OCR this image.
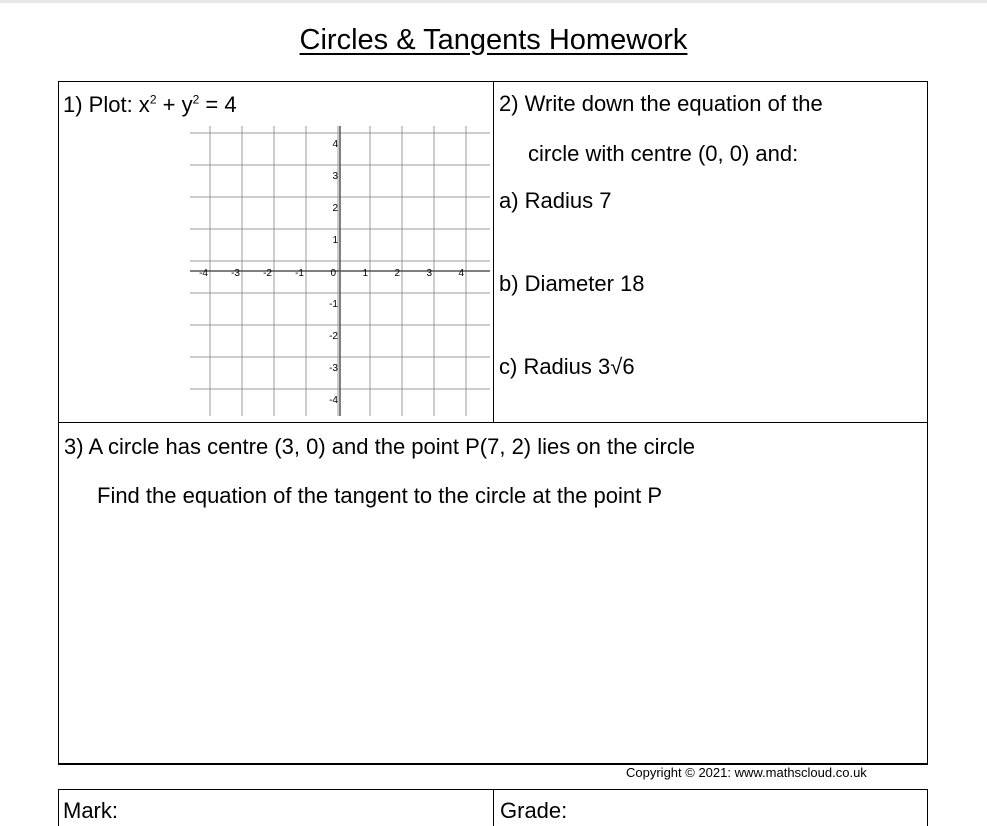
Circles & Tangents Homework
1) Plot: $x^2 + y^2 = 4$
-4 -3 -2 -1	0	1	2	3	4
4
3
2
1
-1
-2
-3
-4
2) Write down the equation of the
circle with centre (0, 0) and:
a) Radius 7
b) Diameter 18
c) Radius 3√6
3) A circle has centre (3, 0) and the point P(7, 2) lies on the circle
Find the equation of the tangent to the circle at the point P
Copyright © 2021: www.mathscloud.co.uk
Mark:	Grade:
